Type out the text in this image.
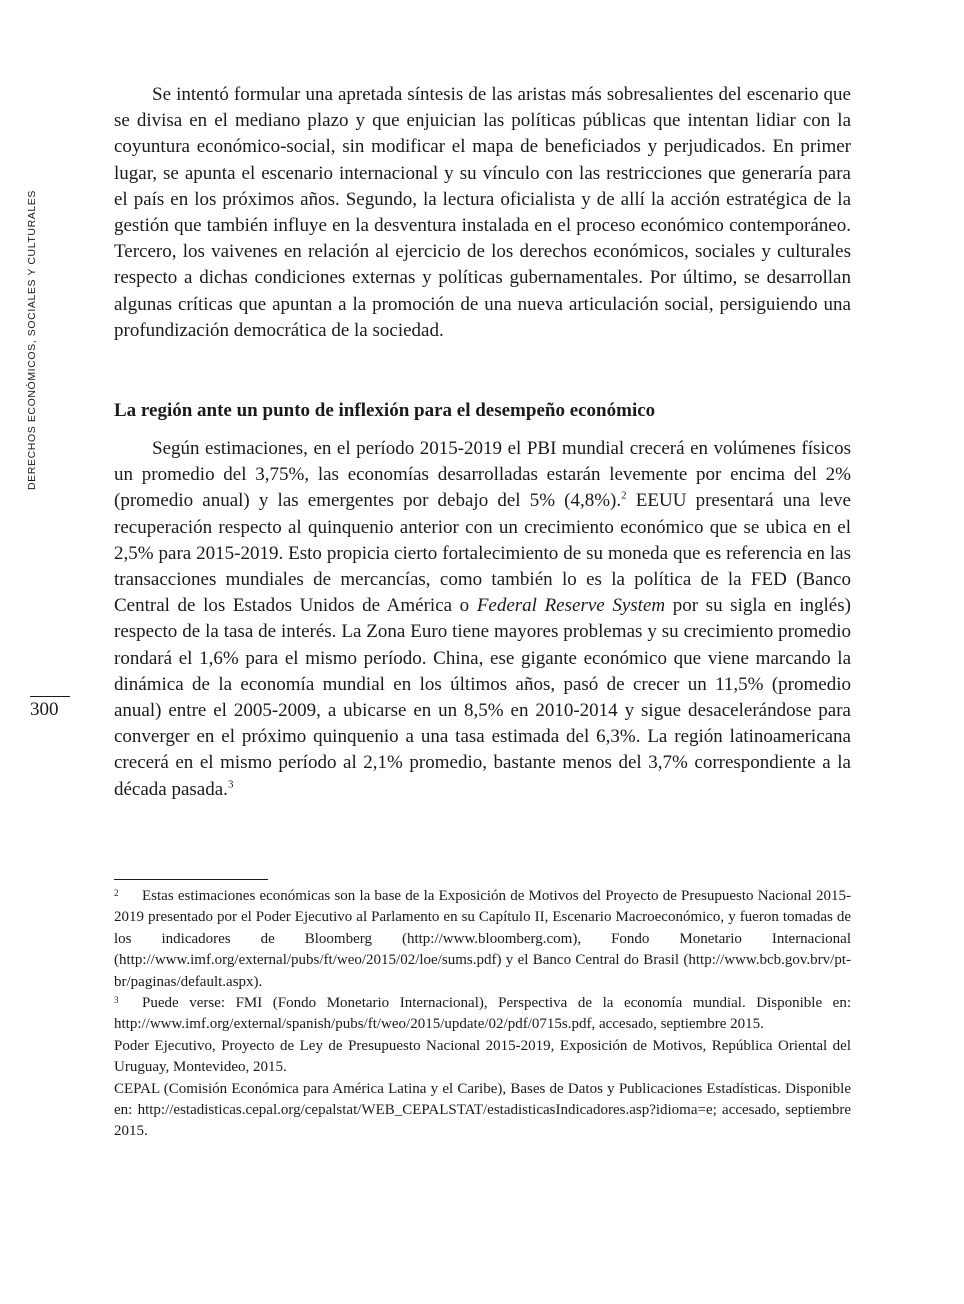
DERECHOS ECONÓMICOS, SOCIALES Y CULTURALES
300

Se intentó formular una apretada síntesis de las aristas más sobresalientes del escenario que se divisa en el mediano plazo y que enjuician las políticas públicas que intentan lidiar con la coyuntura económico-social, sin modificar el mapa de beneficiados y perjudicados. En primer lugar, se apunta el escenario internacional y su vínculo con las restricciones que generaría para el país en los próximos años. Segundo, la lectura oficialista y de allí la acción estratégica de la gestión que también influye en la desventura instalada en el proceso económico contemporáneo. Tercero, los vaivenes en relación al ejercicio de los derechos económicos, sociales y culturales respecto a dichas condiciones externas y políticas gubernamentales. Por último, se desarrollan algunas críticas que apuntan a la promoción de una nueva articulación social, persiguiendo una profundización democrática de la sociedad.

La región ante un punto de inflexión para el desempeño económico

Según estimaciones, en el período 2015-2019 el PBI mundial crecerá en volúmenes físicos un promedio del 3,75%, las economías desarrolladas estarán levemente por encima del 2% (promedio anual) y las emergentes por debajo del 5% (4,8%).$^2$ EEUU presentará una leve recuperación respecto al quinquenio anterior con un crecimiento económico que se ubica en el 2,5% para 2015-2019. Esto propicia cierto fortalecimiento de su moneda que es referencia en las transacciones mundiales de mercancías, como también lo es la política de la FED (Banco Central de los Estados Unidos de América o Federal Reserve System por su sigla en inglés) respecto de la tasa de interés. La Zona Euro tiene mayores problemas y su crecimiento promedio rondará el 1,6% para el mismo período. China, ese gigante económico que viene marcando la dinámica de la economía mundial en los últimos años, pasó de crecer un 11,5% (promedio anual) entre el 2005-2009, a ubicarse en un 8,5% en 2010-2014 y sigue desacelerándose para converger en el próximo quinquenio a una tasa estimada del 6,3%. La región latinoamericana crecerá en el mismo período al 2,1% promedio, bastante menos del 3,7% correspondiente a la década pasada.$^3$

2 Estas estimaciones económicas son la base de la Exposición de Motivos del Proyecto de Presupuesto Nacional 2015-2019 presentado por el Poder Ejecutivo al Parlamento en su Capítulo II, Escenario Macroeconómico, y fueron tomadas de los indicadores de Bloomberg (http://www.bloomberg.com), Fondo Monetario Internacional (http://www.imf.org/external/pubs/ft/weo/2015/02/loe/sums.pdf) y el Banco Central do Brasil (http://www.bcb.gov.brv/pt-br/paginas/default.aspx).

3 Puede verse: FMI (Fondo Monetario Internacional), Perspectiva de la economía mundial. Disponible en: http://www.imf.org/external/spanish/pubs/ft/weo/2015/update/02/pdf/0715s.pdf, accesado, septiembre 2015.

Poder Ejecutivo, Proyecto de Ley de Presupuesto Nacional 2015-2019, Exposición de Motivos, República Oriental del Uruguay, Montevideo, 2015.

CEPAL (Comisión Económica para América Latina y el Caribe), Bases de Datos y Publicaciones Estadísticas. Disponible en: http://estadisticas.cepal.org/cepalstat/WEB_CEPALSTAT/estadisticasIndicadores.asp?idioma=e; accesado, septiembre 2015.
